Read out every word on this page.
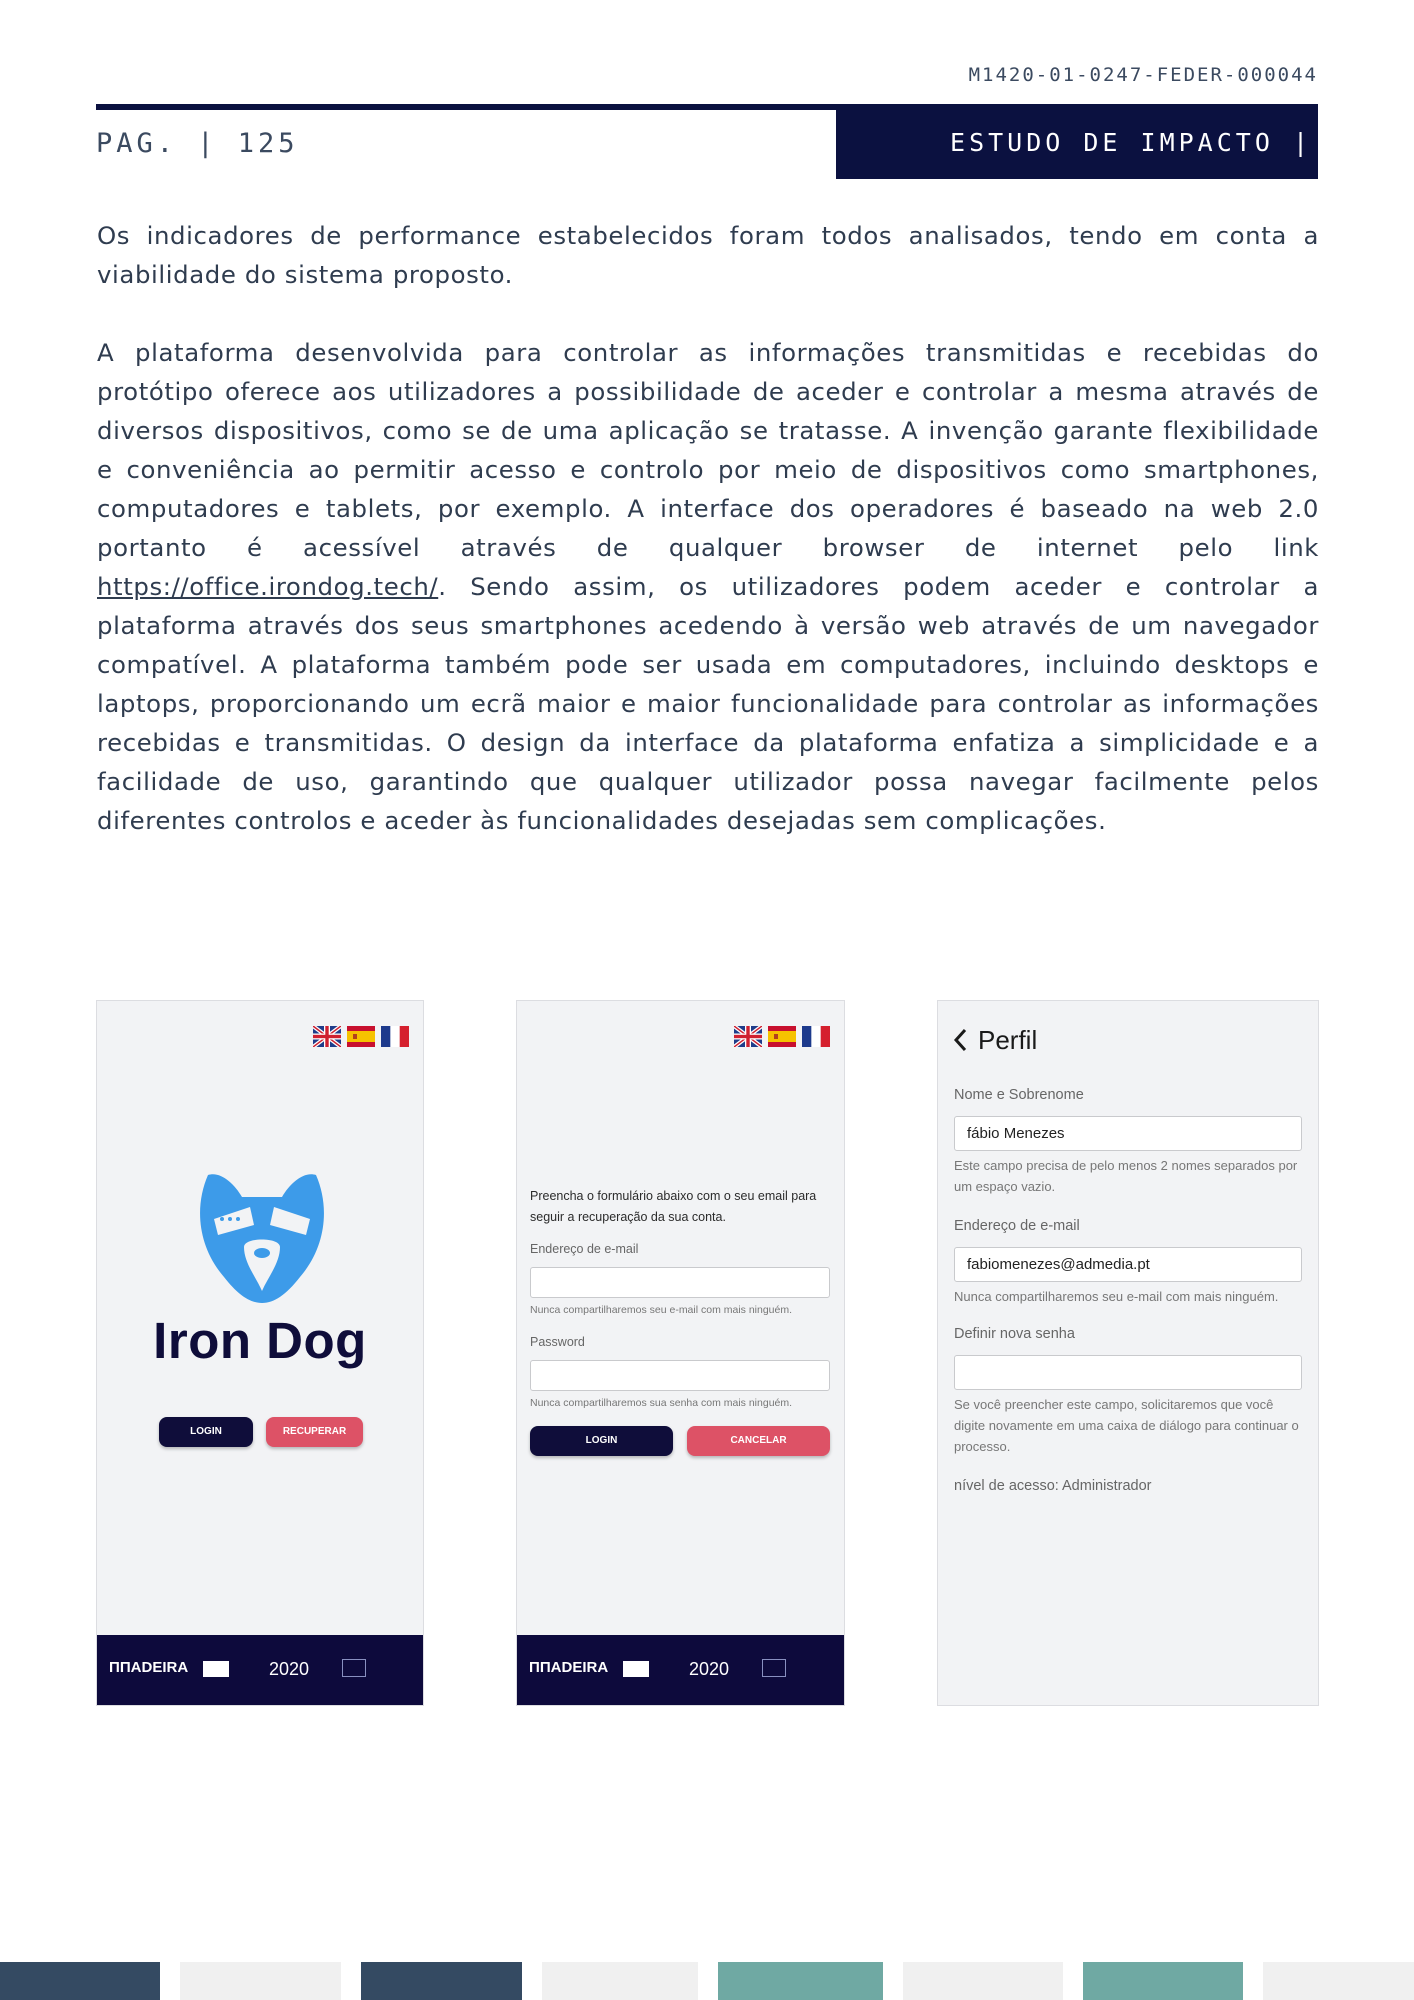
M1420-01-0247-FEDER-000044
PAG. | 125	ESTUDO DE IMPACTO |

Os indicadores de performance estabelecidos foram todos analisados, tendo em conta a viabilidade do sistema proposto.

A plataforma desenvolvida para controlar as informações transmitidas e recebidas do protótipo oferece aos utilizadores a possibilidade de aceder e controlar a mesma através de diversos dispositivos, como se de uma aplicação se tratasse. A invenção garante flexibilidade e conveniência ao permitir acesso e controlo por meio de dispositivos como smartphones, computadores e tablets, por exemplo. A interface dos operadores é baseado na web 2.0 portanto é acessível através de qualquer browser de internet pelo link https://office.irondog.tech/. Sendo assim, os utilizadores podem aceder e controlar a plataforma através dos seus smartphones acedendo à versão web através de um navegador compatível. A plataforma também pode ser usada em computadores, incluindo desktops e laptops, proporcionando um ecrã maior e maior funcionalidade para controlar as informações recebidas e transmitidas. O design da interface da plataforma enfatiza a simplicidade e a facilidade de uso, garantindo que qualquer utilizador possa navegar facilmente pelos diferentes controlos e aceder às funcionalidades desejadas sem complicações.

Iron Dog
LOGIN	RECUPERAR
ΠΠADEIRA	2020
Preencha o formulário abaixo com o seu email para seguir a recuperação da sua conta.
Endereço de e-mail
Nunca compartilharemos seu e-mail com mais ninguém.
Password
Nunca compartilharemos sua senha com mais ninguém.
LOGIN	CANCELAR
ΠΠADEIRA	2020
Perfil
Nome e Sobrenome
fábio Menezes
Este campo precisa de pelo menos 2 nomes separados por um espaço vazio.
Endereço de e-mail
fabiomenezes@admedia.pt
Nunca compartilharemos seu e-mail com mais ninguém.
Definir nova senha
Se você preencher este campo, solicitaremos que você digite novamente em uma caixa de diálogo para continuar o processo.
nível de acesso: Administrador
